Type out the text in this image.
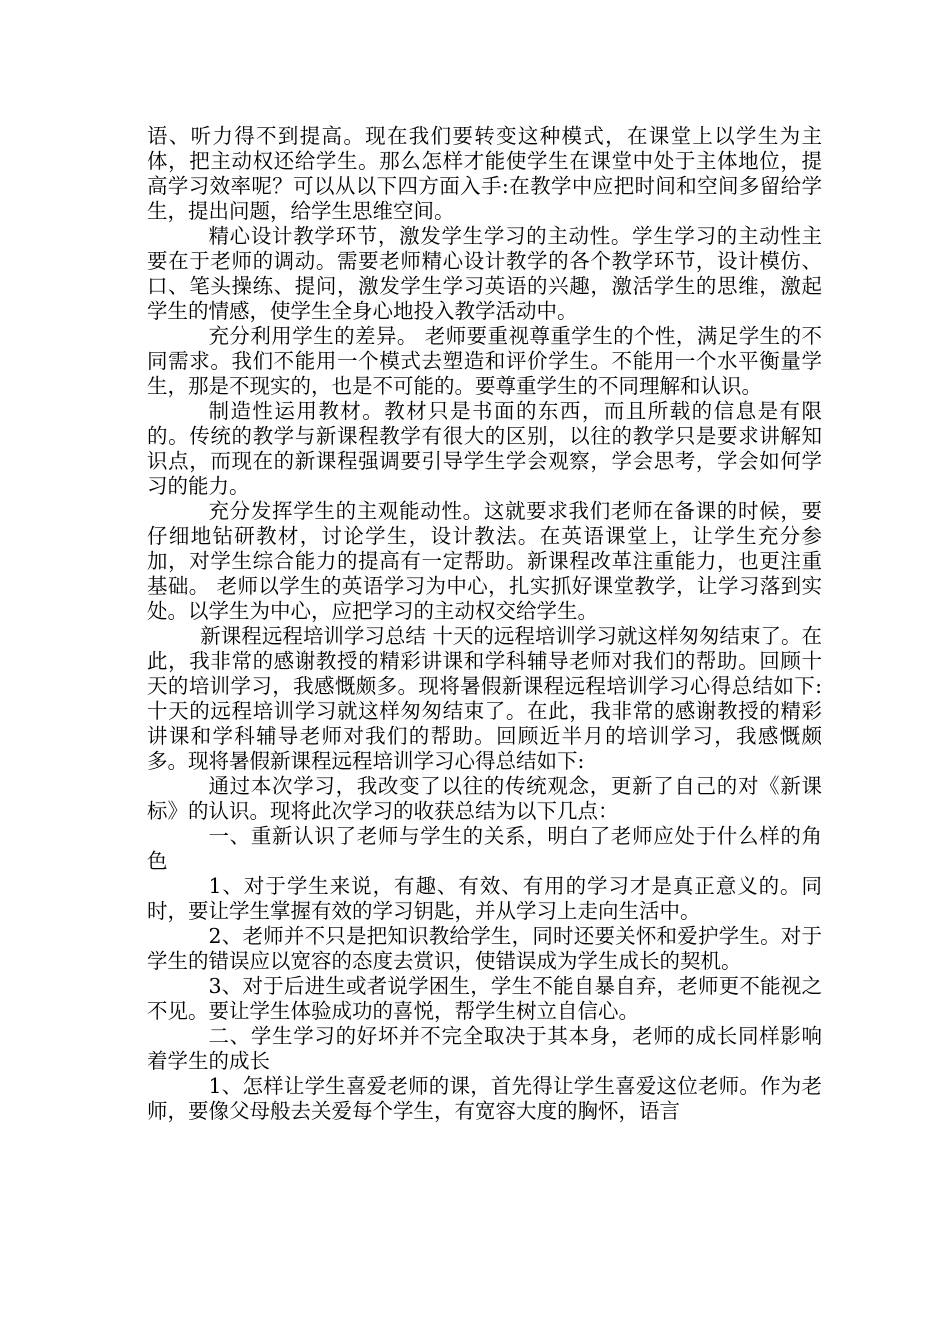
语、听力得不到提高。现在我们要转变这种模式，在课堂上以学生为主体，把主动权还给学生。那么怎样才能使学生在课堂中处于主体地位，提高学习效率呢？可以从以下四方面入手:在教学中应把时间和空间多留给学生，提出问题，给学生思维空间。

精心设计教学环节，激发学生学习的主动性。学生学习的主动性主要在于老师的调动。需要老师精心设计教学的各个教学环节，设计模仿、口、笔头操练、提问，激发学生学习英语的兴趣，激活学生的思维，激起学生的情感，使学生全身心地投入教学活动中。

充分利用学生的差异。 老师要重视尊重学生的个性，满足学生的不同需求。我们不能用一个模式去塑造和评价学生。不能用一个水平衡量学生，那是不现实的，也是不可能的。要尊重学生的不同理解和认识。

制造性运用教材。教材只是书面的东西，而且所载的信息是有限的。传统的教学与新课程教学有很大的区别，以往的教学只是要求讲解知识点，而现在的新课程强调要引导学生学会观察，学会思考，学会如何学习的能力。

充分发挥学生的主观能动性。这就要求我们老师在备课的时候，要仔细地钻研教材，讨论学生，设计教法。在英语课堂上，让学生充分参加，对学生综合能力的提高有一定帮助。新课程改革注重能力，也更注重基础。 老师以学生的英语学习为中心，扎实抓好课堂教学，让学习落到实处。以学生为中心，应把学习的主动权交给学生。

新课程远程培训学习总结 十天的远程培训学习就这样匆匆结束了。在此，我非常的感谢教授的精彩讲课和学科辅导老师对我们的帮助。回顾十天的培训学习，我感慨颇多。现将暑假新课程远程培训学习心得总结如下:十天的远程培训学习就这样匆匆结束了。在此，我非常的感谢教授的精彩讲课和学科辅导老师对我们的帮助。回顾近半月的培训学习，我感慨颇多。现将暑假新课程远程培训学习心得总结如下:

通过本次学习，我改变了以往的传统观念，更新了自己的对《新课标》的认识。现将此次学习的收获总结为以下几点：

一、重新认识了老师与学生的关系，明白了老师应处于什么样的角色

1、对于学生来说，有趣、有效、有用的学习才是真正意义的。同时，要让学生掌握有效的学习钥匙，并从学习上走向生活中。

2、老师并不只是把知识教给学生，同时还要关怀和爱护学生。对于学生的错误应以宽容的态度去赏识，使错误成为学生成长的契机。

3、对于后进生或者说学困生，学生不能自暴自弃，老师更不能视之不见。要让学生体验成功的喜悦，帮学生树立自信心。

二、学生学习的好坏并不完全取决于其本身，老师的成长同样影响着学生的成长

1、怎样让学生喜爱老师的课，首先得让学生喜爱这位老师。作为老师，要像父母般去关爱每个学生，有宽容大度的胸怀，语言
